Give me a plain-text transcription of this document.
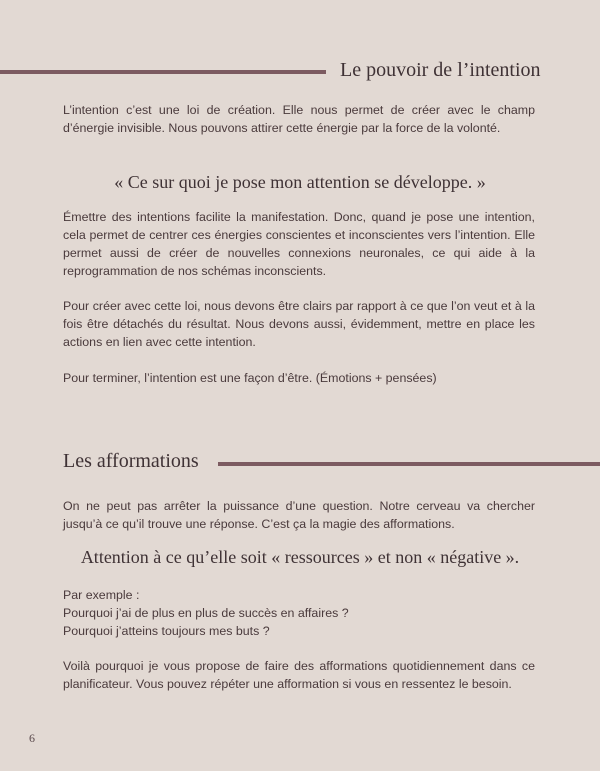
Le pouvoir de l’intention

L’intention c’est une loi de création. Elle nous permet de créer avec le champ d’énergie invisible. Nous pouvons attirer cette énergie par la force de la volonté.

« Ce sur quoi je pose mon attention se développe. »

Émettre des intentions facilite la manifestation. Donc, quand je pose une intention, cela permet de centrer ces énergies conscientes et inconscientes vers l’intention. Elle permet aussi de créer de nouvelles connexions neuronales, ce qui aide à la reprogrammation de nos schémas inconscients.

Pour créer avec cette loi, nous devons être clairs par rapport à ce que l’on veut et à la fois être détachés du résultat. Nous devons aussi, évidemment, mettre en place les actions en lien avec cette intention.

Pour terminer, l’intention est une façon d’être. (Émotions + pensées)

Les afformations

On ne peut pas arrêter la puissance d’une question. Notre cerveau va chercher jusqu’à ce qu’il trouve une réponse. C’est ça la magie des afformations.

Attention à ce qu’elle soit « ressources » et non « négative ».

Par exemple :
Pourquoi j’ai de plus en plus de succès en affaires ?
Pourquoi j’atteins toujours mes buts ?

Voilà pourquoi je vous propose de faire des afformations quotidiennement dans ce planificateur. Vous pouvez répéter une afformation si vous en ressentez le besoin.

6
